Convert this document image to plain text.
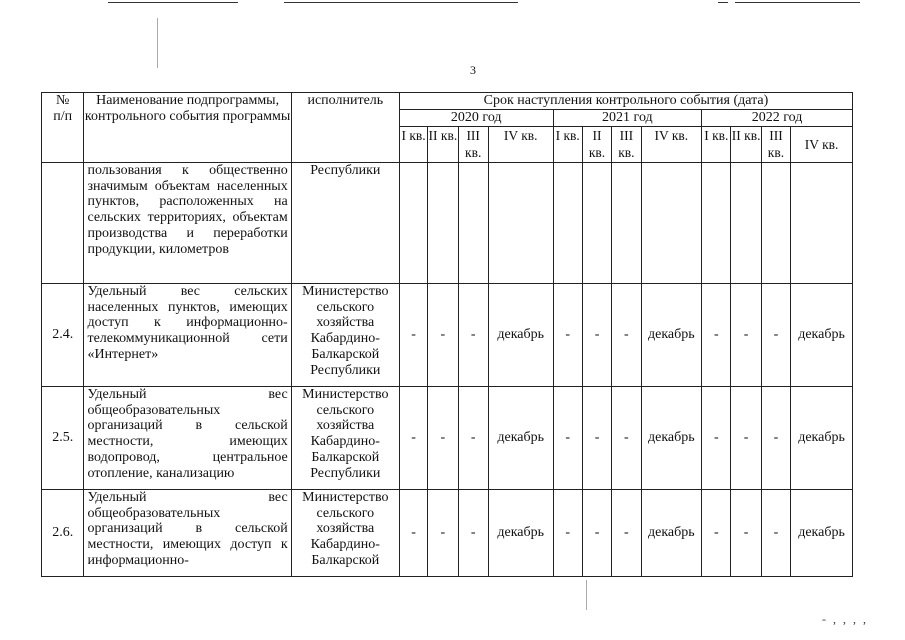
3
№ п/п	Наименование подпрограммы, контрольного события программы	исполнитель	Срок наступления контрольного события (дата)											
			2020 год				2021 год				2022 год			
			I кв.	II кв.	III кв.	IV кв.	I кв.	II кв.	III кв.	IV кв.	I кв.	II кв.	III кв.	IV кв.
	пользования к общественно значимым объектам населенных пунктов, расположенных на сельских территориях, объектам производства и переработки продукции, километров	Республики												
2.4.	Удельный вес сельских населенных пунктов, имеющих доступ к информационно-телекоммуникационной сети «Интернет»	Министерство сельского хозяйства Кабардино-Балкарской Республики	-	-	-	декабрь	-	-	-	декабрь	-	-	-	декабрь
2.5.	Удельный вес общеобразовательных организаций в сельской местности, имеющих водопровод, центральное отопление, канализацию	Министерство сельского хозяйства Кабардино-Балкарской Республики	-	-	-	декабрь	-	-	-	декабрь	-	-	-	декабрь
2.6.	Удельный вес общеобразовательных организаций в сельской местности, имеющих доступ к информационно-	Министерство сельского хозяйства Кабардино-Балкарской	-	-	-	декабрь	-	-	-	декабрь	-	-	-	декабрь
- , , , ,
